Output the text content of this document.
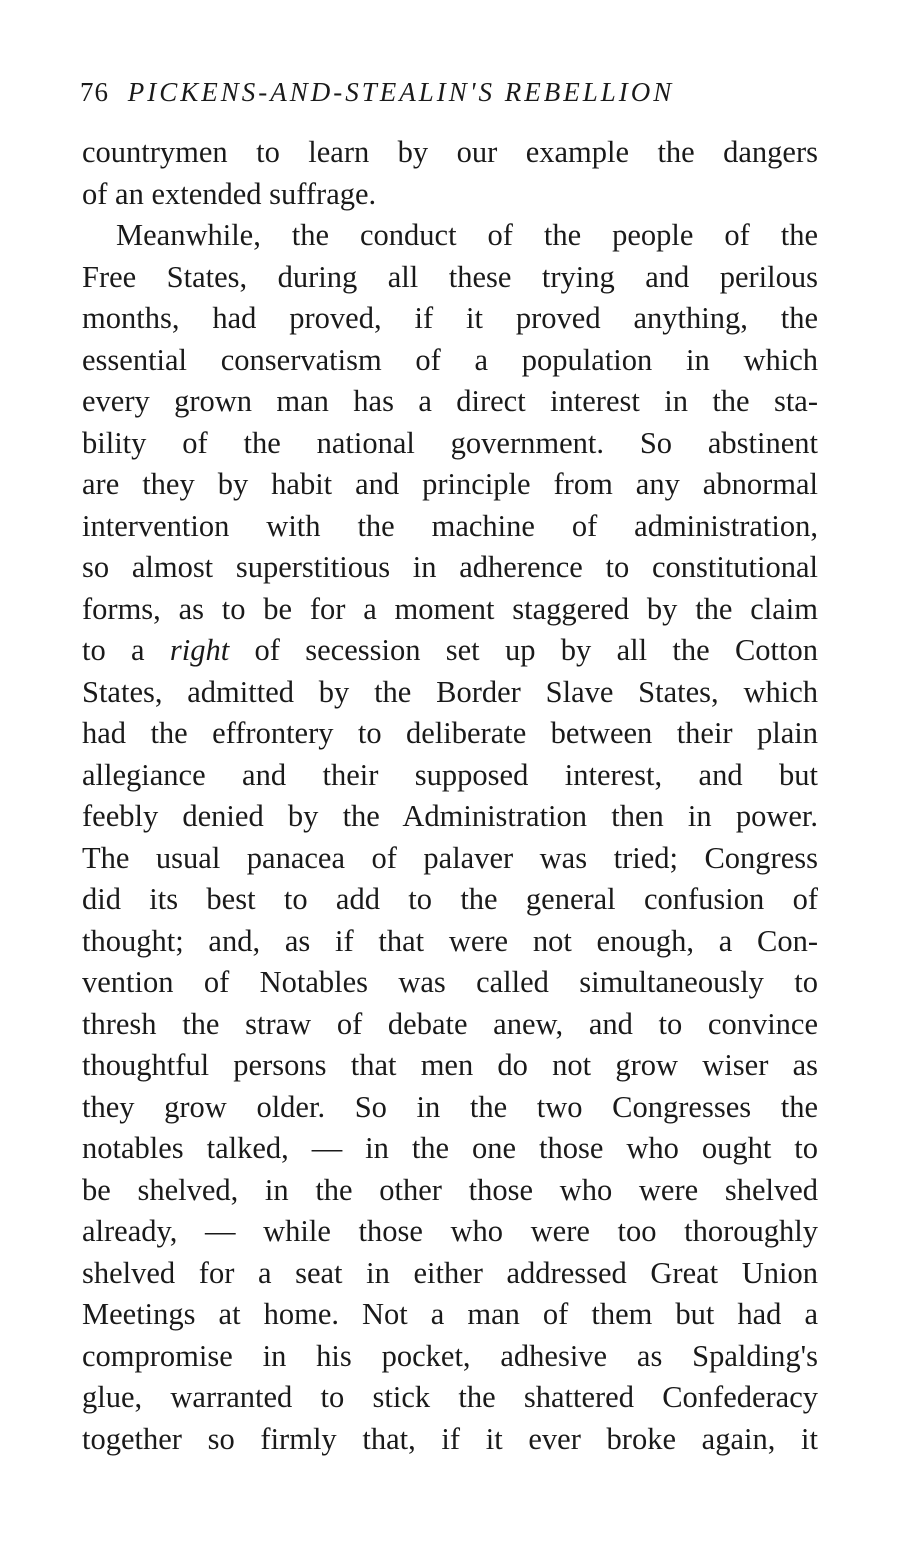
76 PICKENS-AND-STEALIN'S REBELLION
countrymen to learn by our example the dangers
of an extended suffrage.
Meanwhile, the conduct of the people of the
Free States, during all these trying and perilous
months, had proved, if it proved anything, the
essential conservatism of a population in which
every grown man has a direct interest in the sta-
bility of the national government. So abstinent
are they by habit and principle from any abnormal
intervention with the machine of administration,
so almost superstitious in adherence to constitutional
forms, as to be for a moment staggered by the claim
to a right of secession set up by all the Cotton
States, admitted by the Border Slave States, which
had the effrontery to deliberate between their plain
allegiance and their supposed interest, and but
feebly denied by the Administration then in power.
The usual panacea of palaver was tried; Congress
did its best to add to the general confusion of
thought; and, as if that were not enough, a Con-
vention of Notables was called simultaneously to
thresh the straw of debate anew, and to convince
thoughtful persons that men do not grow wiser as
they grow older. So in the two Congresses the
notables talked, — in the one those who ought to
be shelved, in the other those who were shelved
already, — while those who were too thoroughly
shelved for a seat in either addressed Great Union
Meetings at home. Not a man of them but had a
compromise in his pocket, adhesive as Spalding's
glue, warranted to stick the shattered Confederacy
together so firmly that, if it ever broke again, it
